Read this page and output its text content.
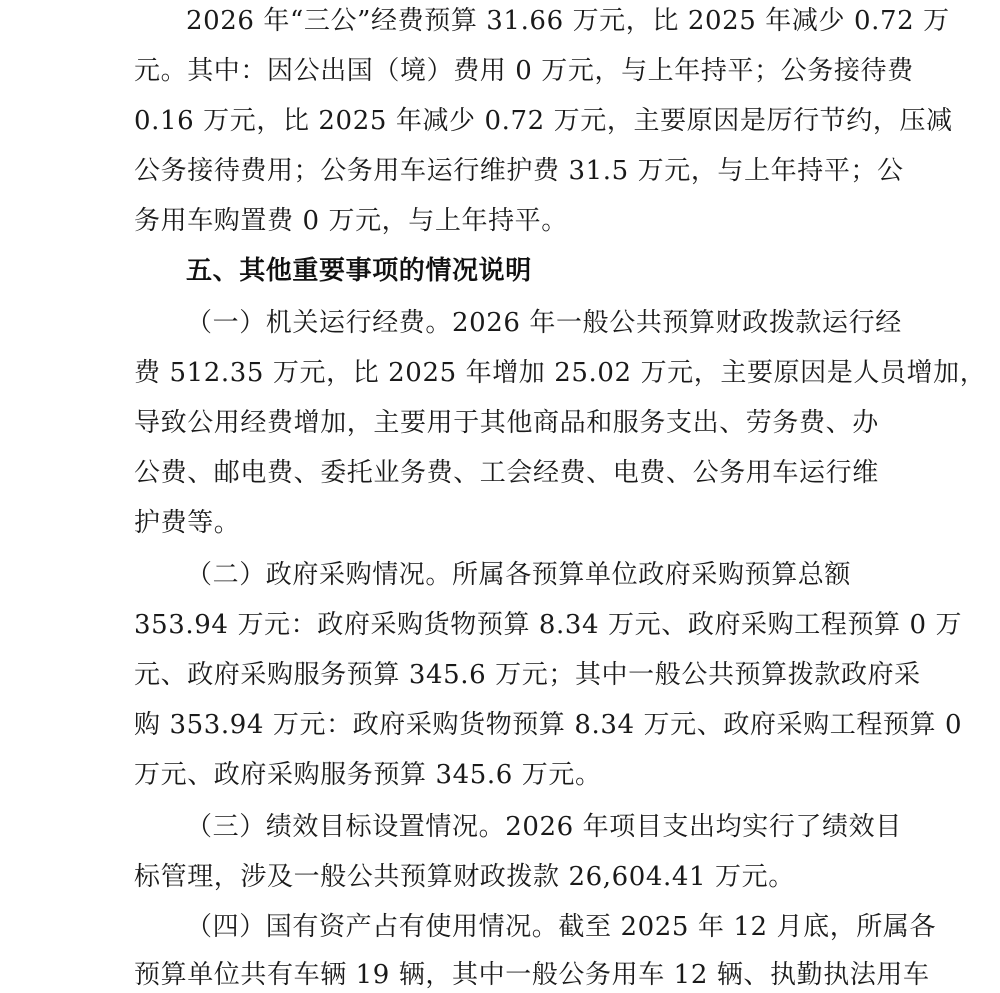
2026 年“三公”经费预算 31.66 万元，比 2025 年减少 0.72 万
元。其中：因公出国（境）费用 0 万元，与上年持平；公务接待费
0.16 万元，比 2025 年减少 0.72 万元，主要原因是厉行节约，压减
公务接待费用；公务用车运行维护费 31.5 万元，与上年持平；公
务用车购置费 0 万元，与上年持平。
五、其他重要事项的情况说明
（一）机关运行经费。2026 年一般公共预算财政拨款运行经
费 512.35 万元，比 2025 年增加 25.02 万元，主要原因是人员增加，
导致公用经费增加，主要用于其他商品和服务支出、劳务费、办
公费、邮电费、委托业务费、工会经费、电费、公务用车运行维
护费等。
（二）政府采购情况。所属各预算单位政府采购预算总额
353.94 万元：政府采购货物预算 8.34 万元、政府采购工程预算 0 万
元、政府采购服务预算 345.6 万元；其中一般公共预算拨款政府采
购 353.94 万元：政府采购货物预算 8.34 万元、政府采购工程预算 0
万元、政府采购服务预算 345.6 万元。
（三）绩效目标设置情况。2026 年项目支出均实行了绩效目
标管理，涉及一般公共预算财政拨款 26,604.41 万元。
（四）国有资产占有使用情况。截至 2025 年 12 月底，所属各
预算单位共有车辆 19 辆，其中一般公务用车 12 辆、执勤执法用车
